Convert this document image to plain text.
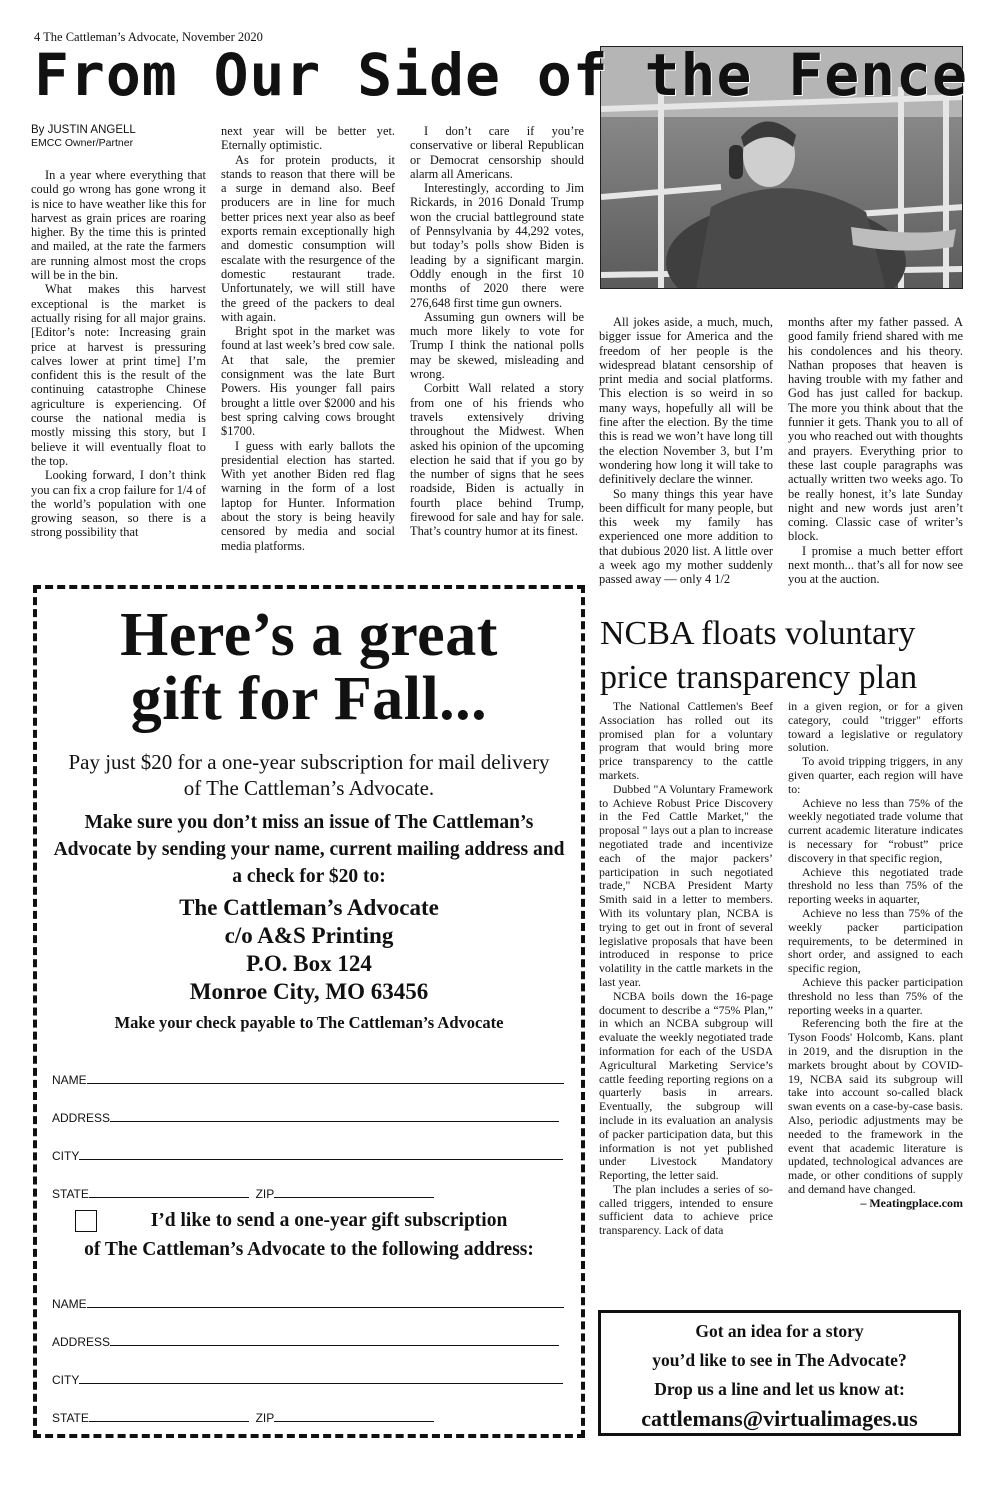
4 The Cattleman’s Advocate, November 2020
From Our Side of the Fence
By JUSTIN ANGELL
EMCC Owner/Partner

In a year where everything that could go wrong has gone wrong it is nice to have weather like this for harvest as grain prices are roaring higher. By the time this is printed and mailed, at the rate the farmers are running almost most the crops will be in the bin.

What makes this harvest exceptional is the market is actually rising for all major grains. [Editor’s note: Increasing grain price at harvest is pressuring calves lower at print time] I’m confident this is the result of the continuing catastrophe Chinese agriculture is experiencing. Of course the national media is mostly missing this story, but I believe it will eventually float to the top.

Looking forward, I don’t think you can fix a crop failure for 1/4 of the world’s population with one growing season, so there is a strong possibility that

next year will be better yet. Eternally optimistic.

As for protein products, it stands to reason that there will be a surge in demand also. Beef producers are in line for much better prices next year also as beef exports remain exceptionally high and domestic consumption will escalate with the resurgence of the domestic restaurant trade. Unfortunately, we will still have the greed of the packers to deal with again.

Bright spot in the market was found at last week’s bred cow sale. At that sale, the premier consignment was the late Burt Powers. His younger fall pairs brought a little over $2000 and his best spring calving cows brought $1700.

I guess with early ballots the presidential election has started. With yet another Biden red flag warning in the form of a lost laptop for Hunter. Information about the story is being heavily censored by media and social media platforms.

I don’t care if you’re conservative or liberal Republican or Democrat censorship should alarm all Americans.

Interestingly, according to Jim Rickards, in 2016 Donald Trump won the crucial battleground state of Pennsylvania by 44,292 votes, but today’s polls show Biden is leading by a significant margin. Oddly enough in the first 10 months of 2020 there were 276,648 first time gun owners.

Assuming gun owners will be much more likely to vote for Trump I think the national polls may be skewed, misleading and wrong.

Corbitt Wall related a story from one of his friends who travels extensively driving throughout the Midwest. When asked his opinion of the upcoming election he said that if you go by the number of signs that he sees roadside, Biden is actually in fourth place behind Trump, firewood for sale and hay for sale. That’s country humor at its finest.

All jokes aside, a much, much, bigger issue for America and the freedom of her people is the widespread blatant censorship of print media and social platforms. This election is so weird in so many ways, hopefully all will be fine after the election. By the time this is read we won’t have long till the election November 3, but I’m wondering how long it will take to definitively declare the winner.

So many things this year have been difficult for many people, but this week my family has experienced one more addition to that dubious 2020 list. A little over a week ago my mother suddenly passed away — only 4 1/2

months after my father passed. A good family friend shared with me his condolences and his theory. Nathan proposes that heaven is having trouble with my father and God has just called for backup. The more you think about that the funnier it gets. Thank you to all of you who reached out with thoughts and prayers. Everything prior to these last couple paragraphs was actually written two weeks ago. To be really honest, it’s late Sunday night and new words just aren’t coming. Classic case of writer’s block.

I promise a much better effort next month... that’s all for now see you at the auction.

Here’s a great
gift for Fall...
Pay just $20 for a one-year subscription for mail delivery of The Cattleman’s Advocate.
Make sure you don’t miss an issue of The Cattleman’s Advocate by sending your name, current mailing address and a check for $20 to:
The Cattleman’s Advocate
c/o A&S Printing
P.O. Box 124
Monroe City, MO 63456
Make your check payable to The Cattleman’s Advocate
NAME
ADDRESS
CITY
STATE	ZIP
I’d like to send a one-year gift subscription
of The Cattleman’s Advocate to the following address:
NAME
ADDRESS
CITY
STATE	ZIP
NCBA floats voluntary price transparency plan

The National Cattlemen's Beef Association has rolled out its promised plan for a voluntary program that would bring more price transparency to the cattle markets.

Dubbed "A Voluntary Framework to Achieve Robust Price Discovery in the Fed Cattle Market," the proposal " lays out a plan to increase negotiated trade and incentivize each of the major packers’ participation in such negotiated trade," NCBA President Marty Smith said in a letter to members. With its voluntary plan, NCBA is trying to get out in front of several legislative proposals that have been introduced in response to price volatility in the cattle markets in the last year.

NCBA boils down the 16-page document to describe a “75% Plan,” in which an NCBA subgroup will evaluate the weekly negotiated trade information for each of the USDA Agricultural Marketing Service’s cattle feeding reporting regions on a quarterly basis in arrears. Eventually, the subgroup will include in its evaluation an analysis of packer participation data, but this information is not yet published under Livestock Mandatory Reporting, the letter said.

The plan includes a series of so-called triggers, intended to ensure sufficient data to achieve price transparency. Lack of data

in a given region, or for a given category, could "trigger" efforts toward a legislative or regulatory solution.

To avoid tripping triggers, in any given quarter, each region will have to:

Achieve no less than 75% of the weekly negotiated trade volume that current academic literature indicates is necessary for “robust” price discovery in that specific region,

Achieve this negotiated trade threshold no less than 75% of the reporting weeks in aquarter,

Achieve no less than 75% of the weekly packer participation requirements, to be determined in short order, and assigned to each specific region,

Achieve this packer participation threshold no less than 75% of the reporting weeks in a quarter.

Referencing both the fire at the Tyson Foods' Holcomb, Kans. plant in 2019, and the disruption in the markets brought about by COVID-19, NCBA said its subgroup will take into account so-called black swan events on a case-by-case basis. Also, periodic adjustments may be needed to the framework in the event that academic literature is updated, technological advances are made, or other conditions of supply and demand have changed.

– Meatingplace.com
Got an idea for a story
you’d like to see in The Advocate?
Drop us a line and let us know at:
cattlemans@virtualimages.us
